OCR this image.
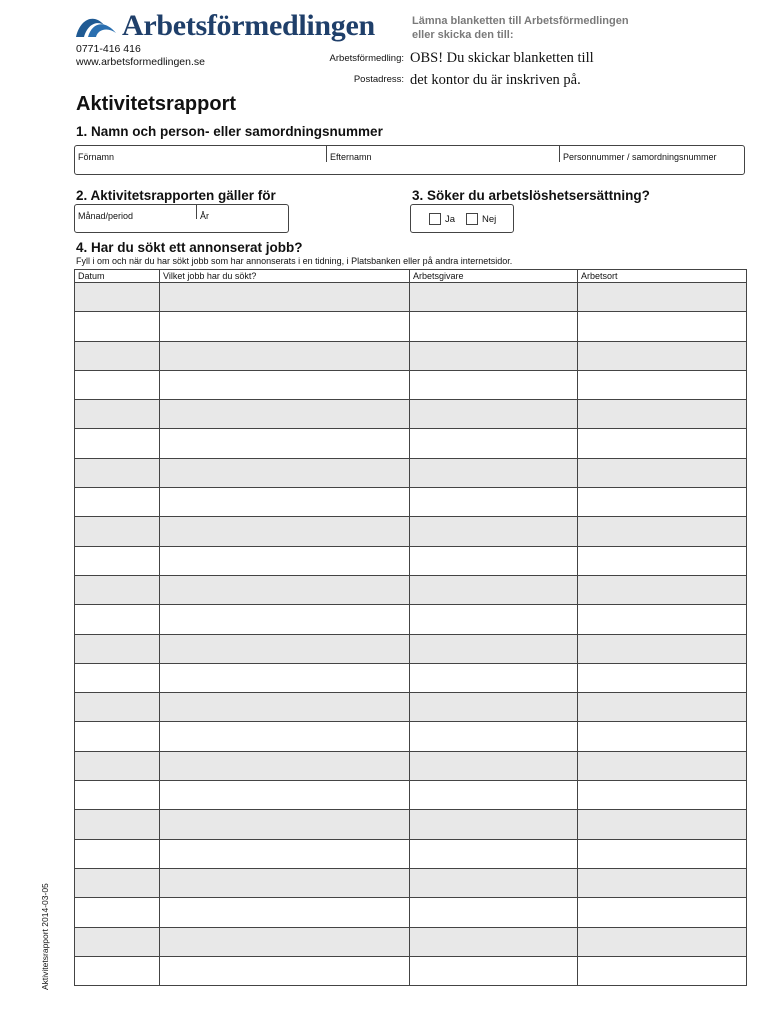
Arbetsförmedlingen
0771-416 416
www.arbetsformedlingen.se
Lämna blanketten till Arbetsförmedlingen
eller skicka den till:
Arbetsförmedling:
Postadress:
OBS! Du skickar blanketten till
det kontor du är inskriven på.
Aktivitetsrapport
1. Namn och person- eller samordningsnummer
Förnamn	Efternamn	Personnummer / samordningsnummer
2. Aktivitetsrapporten gäller för
Månad/period	År
3. Söker du arbetslöshetsersättning?
Ja	Nej
4. Har du sökt ett annonserat jobb?
Fyll i om och när du har sökt jobb som har annonserats i en tidning, i Platsbanken eller på andra internetsidor.
Datum	Vilket jobb har du sökt?	Arbetsgivare	Arbetsort

Aktivitetsrapport 2014-03-05
